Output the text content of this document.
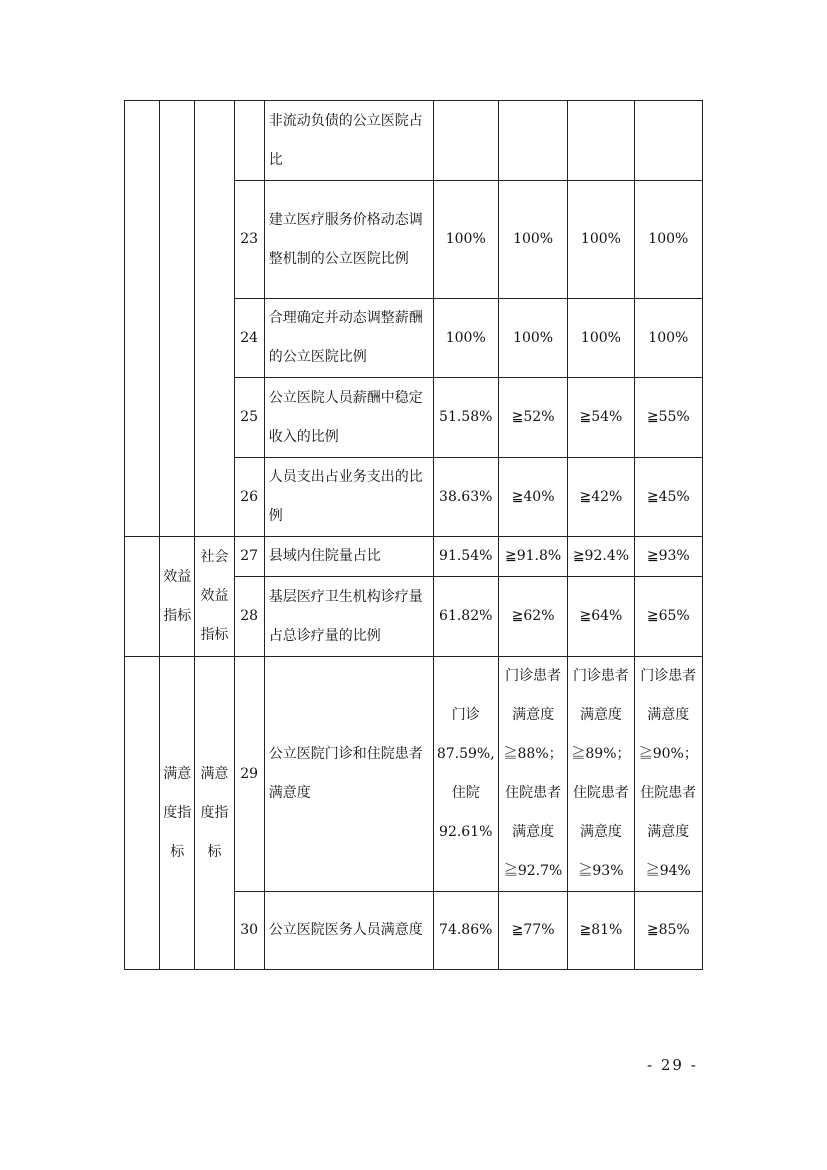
				非流动负债的公立医院占比				
			23	建立医疗服务价格动态调整机制的公立医院比例	100%	100%	100%	100%
			24	合理确定并动态调整薪酬的公立医院比例	100%	100%	100%	100%
			25	公立医院人员薪酬中稳定收入的比例	51.58%	≧52%	≧54%	≧55%
			26	人员支出占业务支出的比例	38.63%	≧40%	≧42%	≧45%
	效益指标	社会效益指标	27	县域内住院量占比	91.54%	≧91.8%	≧92.4%	≧93%
			28	基层医疗卫生机构诊疗量占总诊疗量的比例	61.82%	≧62%	≧64%	≧65%
	满意度指标	满意度指标	29	公立医院门诊和住院患者满意度	门诊87.59%,住院92.61%	门诊患者满意度≧88%；住院患者满意度≧92.7%	门诊患者满意度≧89%；住院患者满意度≧93%	门诊患者满意度≧90%；住院患者满意度≧94%
			30	公立医院医务人员满意度	74.86%	≧77%	≧81%	≧85%
- 29 -
